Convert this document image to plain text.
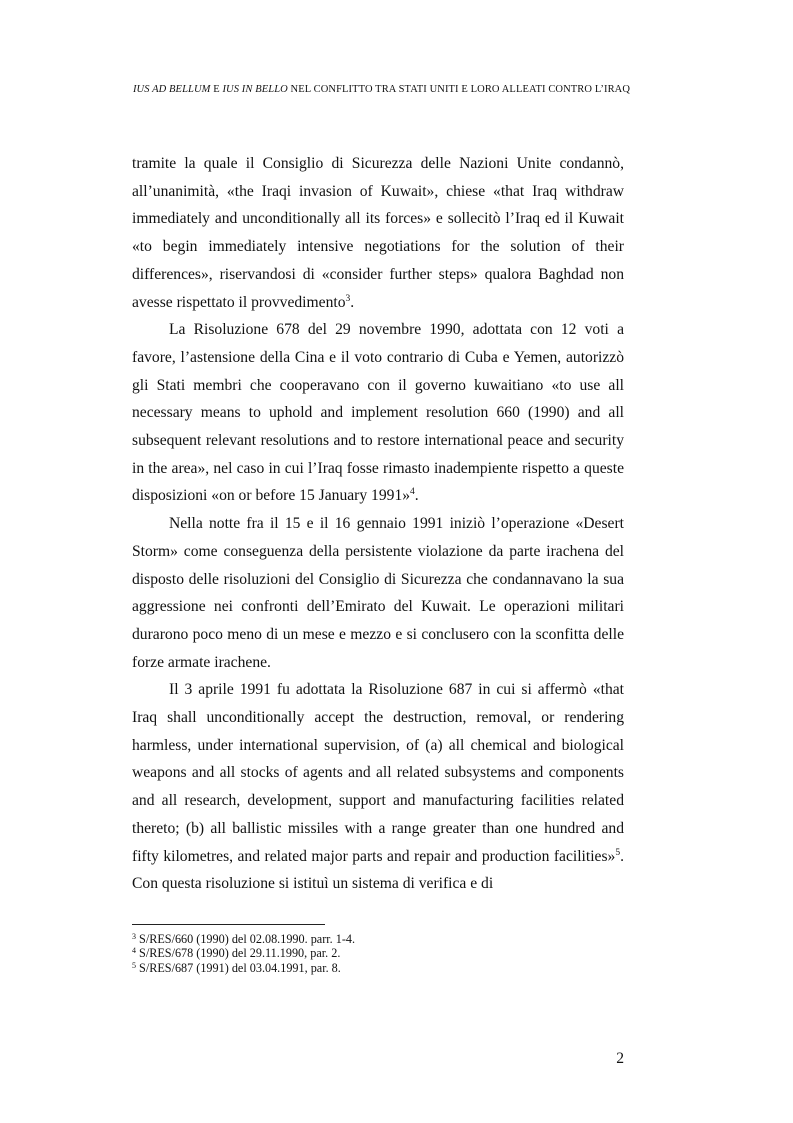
IUS AD BELLUM E IUS IN BELLO NEL CONFLITTO TRA STATI UNITI E LORO ALLEATI CONTRO L’IRAQ

tramite la quale il Consiglio di Sicurezza delle Nazioni Unite condannò, all’unanimità, «the Iraqi invasion of Kuwait», chiese «that Iraq withdraw immediately and unconditionally all its forces» e sollecitò l’Iraq ed il Kuwait «to begin immediately intensive negotiations for the solution of their differences», riservandosi di «consider further steps» qualora Baghdad non avesse rispettato il provvedimento$^3$.

La Risoluzione 678 del 29 novembre 1990, adottata con 12 voti a favore, l’astensione della Cina e il voto contrario di Cuba e Yemen, autorizzò gli Stati membri che cooperavano con il governo kuwaitiano «to use all necessary means to uphold and implement resolution 660 (1990) and all subsequent relevant resolutions and to restore international peace and security in the area», nel caso in cui l’Iraq fosse rimasto inadempiente rispetto a queste disposizioni «on or before 15 January 1991»$^4$.

Nella notte fra il 15 e il 16 gennaio 1991 iniziò l’operazione «Desert Storm» come conseguenza della persistente violazione da parte irachena del disposto delle risoluzioni del Consiglio di Sicurezza che condannavano la sua aggressione nei confronti dell’Emirato del Kuwait. Le operazioni militari durarono poco meno di un mese e mezzo e si conclusero con la sconfitta delle forze armate irachene.

Il 3 aprile 1991 fu adottata la Risoluzione 687 in cui si affermò «that Iraq shall unconditionally accept the destruction, removal, or rendering harmless, under international supervision, of (a) all chemical and biological weapons and all stocks of agents and all related subsystems and components and all research, development, support and manufacturing facilities related thereto; (b) all ballistic missiles with a range greater than one hundred and fifty kilometres, and related major parts and repair and production facilities»$^5$. Con questa risoluzione si istituì un sistema di verifica e di

$^3$ S/RES/660 (1990) del 02.08.1990. parr. 1-4.

$^4$ S/RES/678 (1990) del 29.11.1990, par. 2.

$^5$ S/RES/687 (1991) del 03.04.1991, par. 8.

2
